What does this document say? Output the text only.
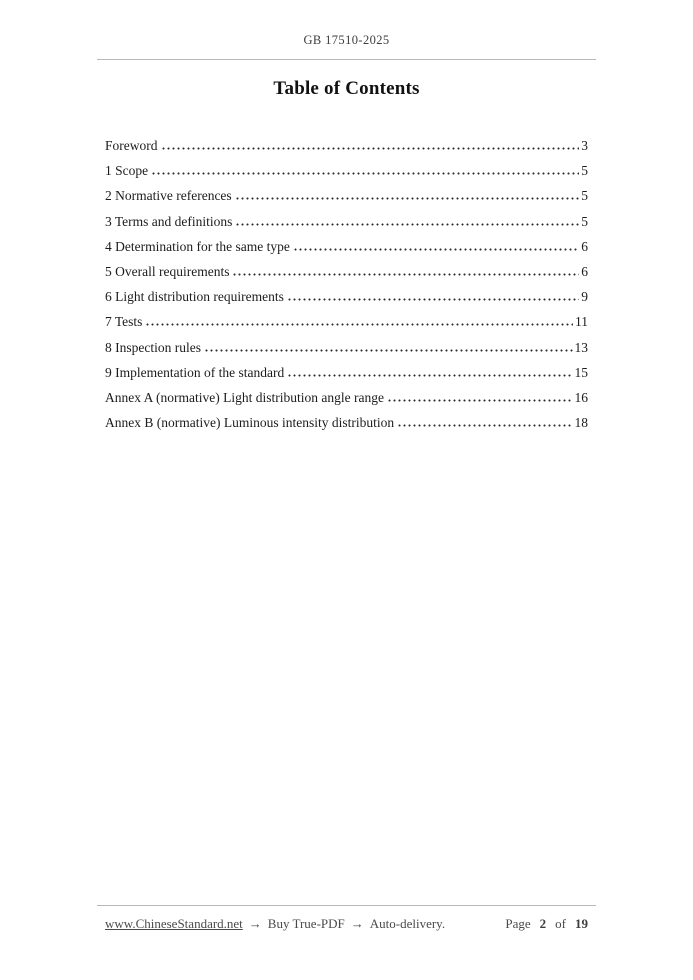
GB 17510-2025
Table of Contents
Foreword	3
1 Scope	5
2 Normative references	5
3 Terms and definitions	5
4 Determination for the same type	6
5 Overall requirements	6
6 Light distribution requirements	9
7 Tests	11
8 Inspection rules	13
9 Implementation of the standard	15
Annex A (normative) Light distribution angle range	16
Annex B (normative) Luminous intensity distribution	18
www.ChineseStandard.net → Buy True-PDF → Auto-delivery.	Page 2 of 19
